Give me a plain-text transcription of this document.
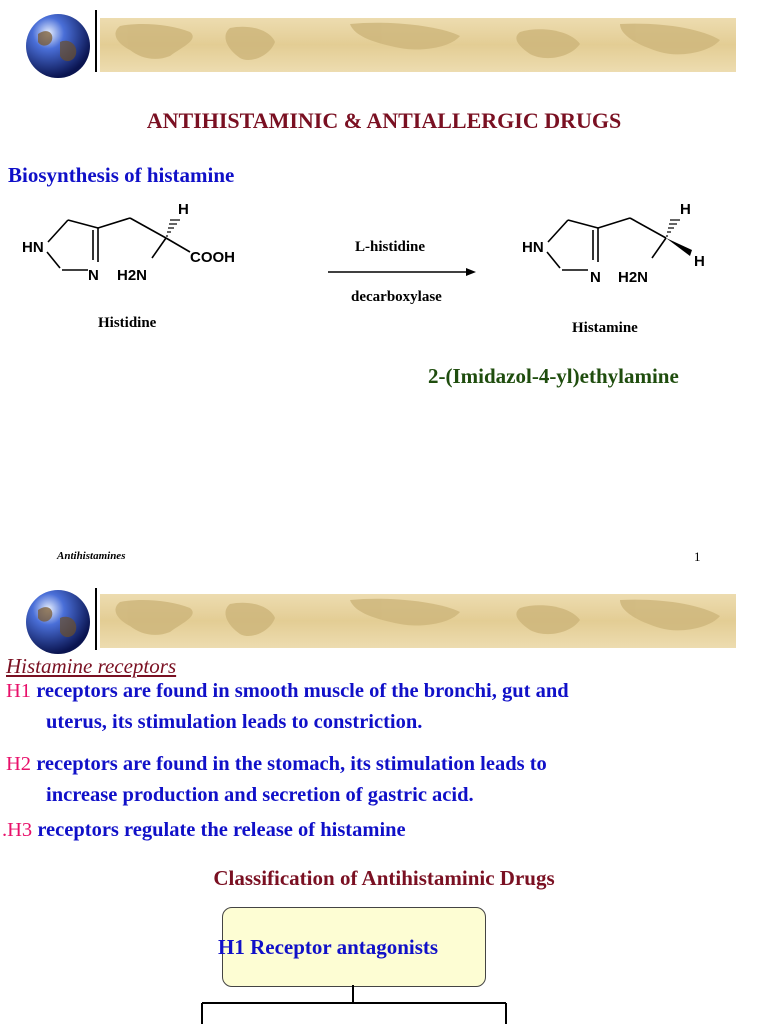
ANTIHISTAMINIC & ANTIALLERGIC DRUGS
Biosynthesis of histamine
HN
N H2N
H
COOH
Histidine
L-histidine
decarboxylase
HN
N H2N
H
H
Histamine
2-(Imidazol-4-yl)ethylamine
Antihistamines	1
Histamine receptors
H1 receptors are found in smooth muscle of the bronchi, gut and
uterus, its stimulation leads to constriction.
H2 receptors are found in the stomach, its stimulation leads to
increase production and secretion of gastric acid.
.H3 receptors regulate the release of histamine
Classification of Antihistaminic Drugs
H1 Receptor antagonists
